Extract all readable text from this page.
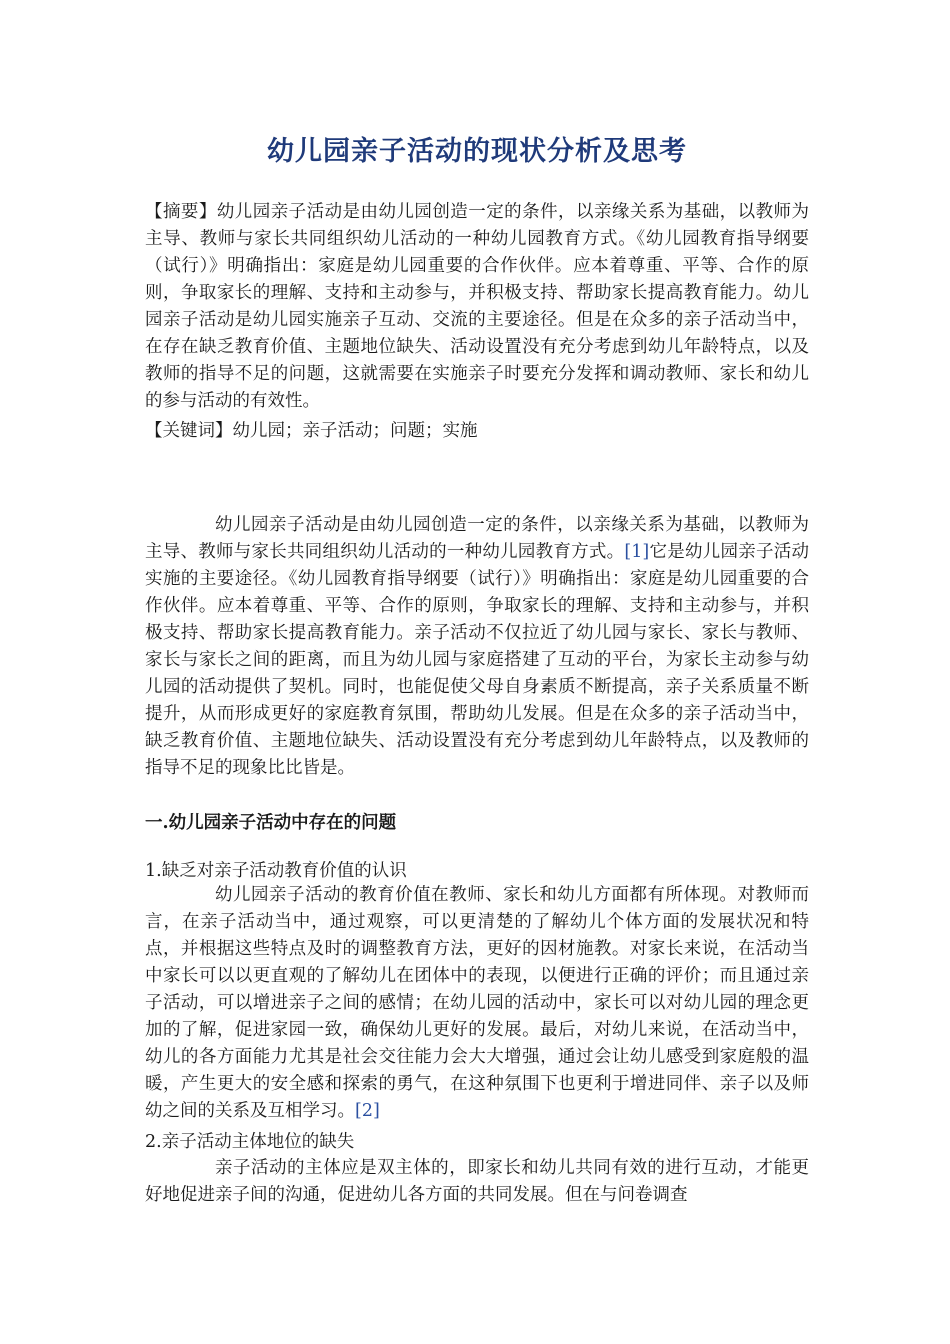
幼儿园亲子活动的现状分析及思考

【摘要】幼儿园亲子活动是由幼儿园创造一定的条件，以亲缘关系为基础，以教师为主导、教师与家长共同组织幼儿活动的一种幼儿园教育方式。《幼儿园教育指导纲要（试行）》明确指出：家庭是幼儿园重要的合作伙伴。应本着尊重、平等、合作的原则，争取家长的理解、支持和主动参与，并积极支持、帮助家长提高教育能力。幼儿园亲子活动是幼儿园实施亲子互动、交流的主要途径。但是在众多的亲子活动当中，在存在缺乏教育价值、主题地位缺失、活动设置没有充分考虑到幼儿年龄特点，以及教师的指导不足的问题，这就需要在实施亲子时要充分发挥和调动教师、家长和幼儿的参与活动的有效性。

【关键词】幼儿园；亲子活动；问题；实施

幼儿园亲子活动是由幼儿园创造一定的条件，以亲缘关系为基础，以教师为主导、教师与家长共同组织幼儿活动的一种幼儿园教育方式。[1]它是幼儿园亲子活动实施的主要途径。《幼儿园教育指导纲要（试行）》明确指出：家庭是幼儿园重要的合作伙伴。应本着尊重、平等、合作的原则，争取家长的理解、支持和主动参与，并积极支持、帮助家长提高教育能力。亲子活动不仅拉近了幼儿园与家长、家长与教师、家长与家长之间的距离，而且为幼儿园与家庭搭建了互动的平台，为家长主动参与幼儿园的活动提供了契机。同时，也能促使父母自身素质不断提高，亲子关系质量不断提升，从而形成更好的家庭教育氛围，帮助幼儿发展。但是在众多的亲子活动当中，缺乏教育价值、主题地位缺失、活动设置没有充分考虑到幼儿年龄特点，以及教师的指导不足的现象比比皆是。

一.幼儿园亲子活动中存在的问题

1.缺乏对亲子活动教育价值的认识

幼儿园亲子活动的教育价值在教师、家长和幼儿方面都有所体现。对教师而言，在亲子活动当中，通过观察，可以更清楚的了解幼儿个体方面的发展状况和特点，并根据这些特点及时的调整教育方法，更好的因材施教。对家长来说，在活动当中家长可以以更直观的了解幼儿在团体中的表现，以便进行正确的评价；而且通过亲子活动，可以增进亲子之间的感情；在幼儿园的活动中，家长可以对幼儿园的理念更加的了解，促进家园一致，确保幼儿更好的发展。最后，对幼儿来说，在活动当中，幼儿的各方面能力尤其是社会交往能力会大大增强，通过会让幼儿感受到家庭般的温暖，产生更大的安全感和探索的勇气，在这种氛围下也更利于增进同伴、亲子以及师幼之间的关系及互相学习。[2]

2.亲子活动主体地位的缺失

亲子活动的主体应是双主体的，即家长和幼儿共同有效的进行互动，才能更好地促进亲子间的沟通，促进幼儿各方面的共同发展。但在与问卷调查
